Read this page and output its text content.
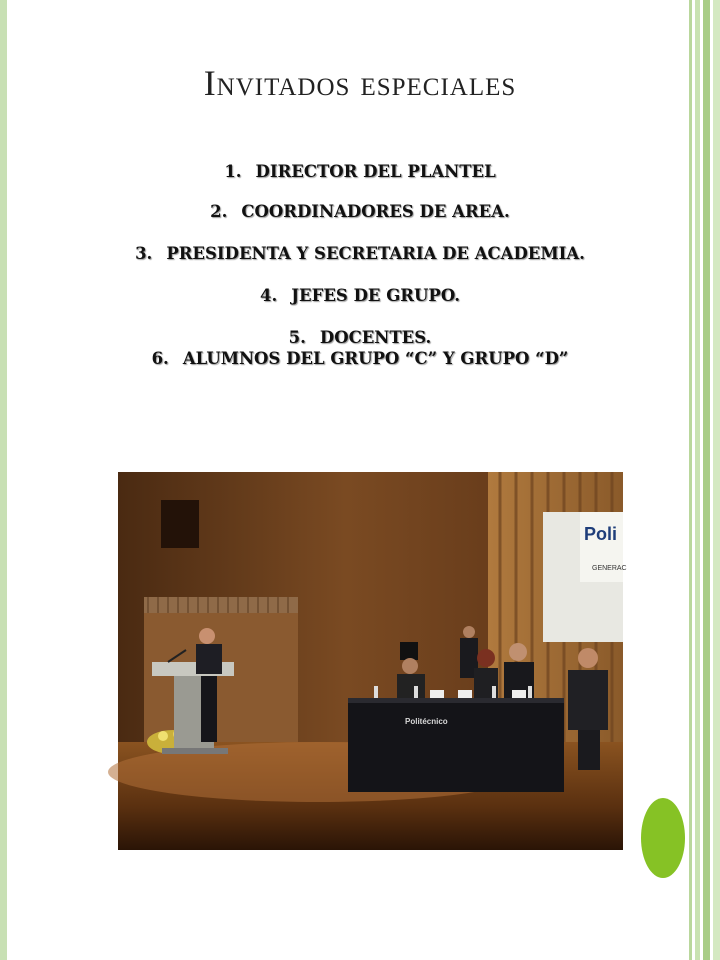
Invitados especiales
1. DIRECTOR DEL PLANTEL
2. COORDINADORES DE AREA.
3. PRESIDENTA Y SECRETARIA DE ACADEMIA.
4. JEFES DE GRUPO.
5. DOCENTES.
6. ALUMNOS DEL GRUPO “C” Y GRUPO “D”
Poli
GENERAC
Politécnico
